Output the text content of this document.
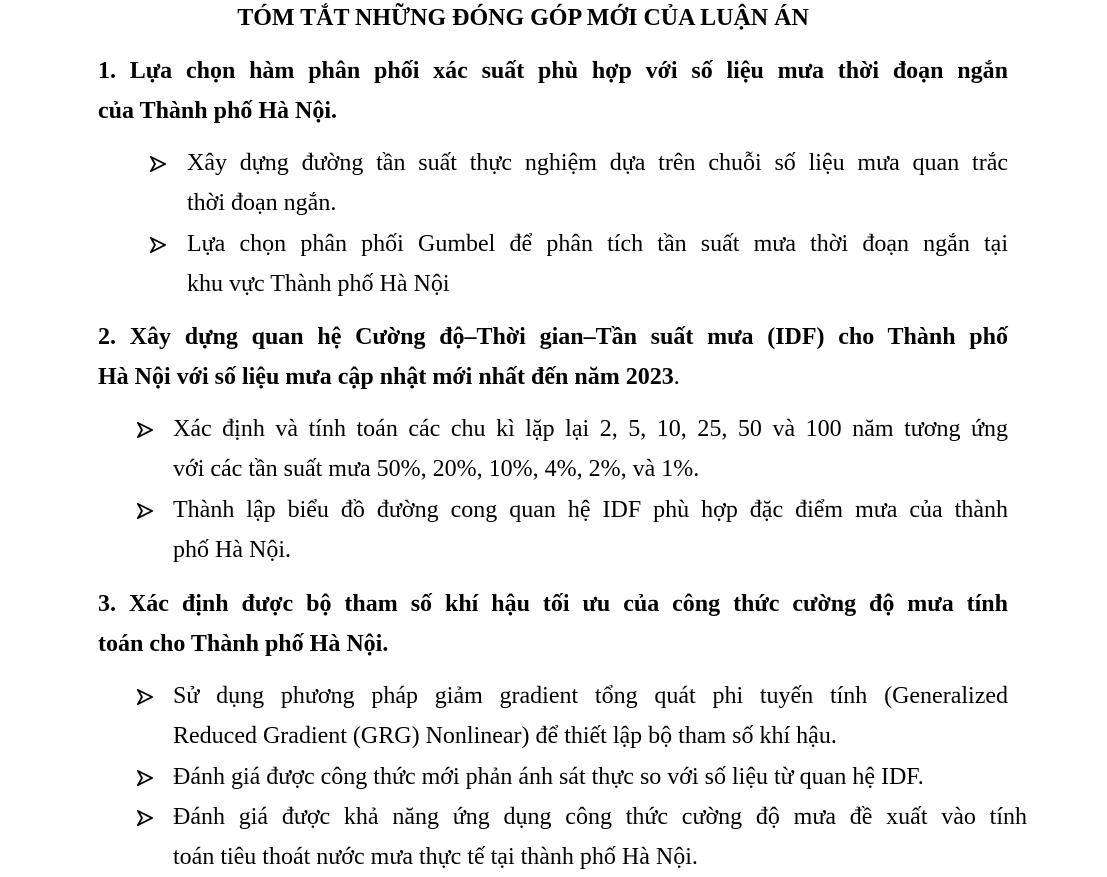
TÓM TẮT NHỮNG ĐÓNG GÓP MỚI CỦA LUẬN ÁN
1. Lựa chọn hàm phân phối xác suất phù hợp với số liệu mưa thời đoạn ngắn
của Thành phố Hà Nội.
Xây dựng đường tần suất thực nghiệm dựa trên chuỗi số liệu mưa quan trắc
thời đoạn ngắn.
Lựa chọn phân phối Gumbel để phân tích tần suất mưa thời đoạn ngắn tại
khu vực Thành phố Hà Nội
2. Xây dựng quan hệ Cường độ–Thời gian–Tần suất mưa (IDF) cho Thành phố
Hà Nội với số liệu mưa cập nhật mới nhất đến năm 2023.
Xác định và tính toán các chu kì lặp lại 2, 5, 10, 25, 50 và 100 năm tương ứng
với các tần suất mưa 50%, 20%, 10%, 4%, 2%, và 1%.
Thành lập biểu đồ đường cong quan hệ IDF phù hợp đặc điểm mưa của thành
phố Hà Nội.
3. Xác định được bộ tham số khí hậu tối ưu của công thức cường độ mưa tính
toán cho Thành phố Hà Nội.
Sử dụng phương pháp giảm gradient tổng quát phi tuyến tính (Generalized
Reduced Gradient (GRG) Nonlinear) để thiết lập bộ tham số khí hậu.
Đánh giá được công thức mới phản ánh sát thực so với số liệu từ quan hệ IDF.
Đánh giá được khả năng ứng dụng công thức cường độ mưa đề xuất vào tính
toán tiêu thoát nước mưa thực tế tại thành phố Hà Nội.
